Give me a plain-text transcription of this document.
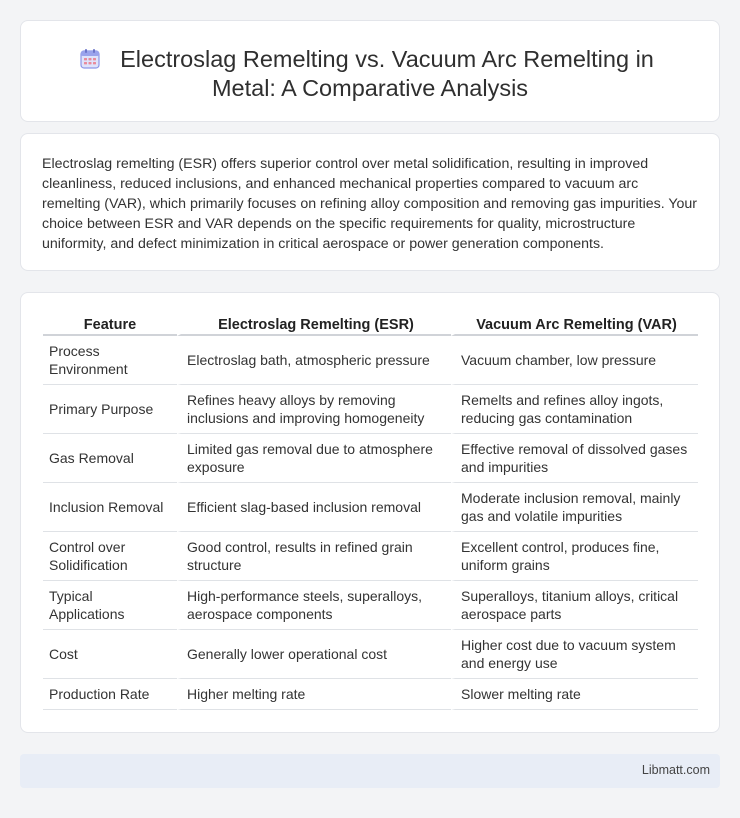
Electroslag Remelting vs. Vacuum Arc Remelting in
Metal: A Comparative Analysis

Electroslag remelting (ESR) offers superior control over metal solidification, resulting in improved cleanliness, reduced inclusions, and enhanced mechanical properties compared to vacuum arc remelting (VAR), which primarily focuses on refining alloy composition and removing gas impurities. Your choice between ESR and VAR depends on the specific requirements for quality, microstructure uniformity, and defect minimization in critical aerospace or power generation components.

Feature	Electroslag Remelting (ESR)	Vacuum Arc Remelting (VAR)
Process Environment	Electroslag bath, atmospheric pressure	Vacuum chamber, low pressure
Primary Purpose	Refines heavy alloys by removing inclusions and improving homogeneity	Remelts and refines alloy ingots, reducing gas contamination
Gas Removal	Limited gas removal due to atmosphere exposure	Effective removal of dissolved gases and impurities
Inclusion Removal	Efficient slag-based inclusion removal	Moderate inclusion removal, mainly gas and volatile impurities
Control over Solidification	Good control, results in refined grain structure	Excellent control, produces fine, uniform grains
Typical Applications	High-performance steels, superalloys, aerospace components	Superalloys, titanium alloys, critical aerospace parts
Cost	Generally lower operational cost	Higher cost due to vacuum system and energy use
Production Rate	Higher melting rate	Slower melting rate
Libmatt.com
